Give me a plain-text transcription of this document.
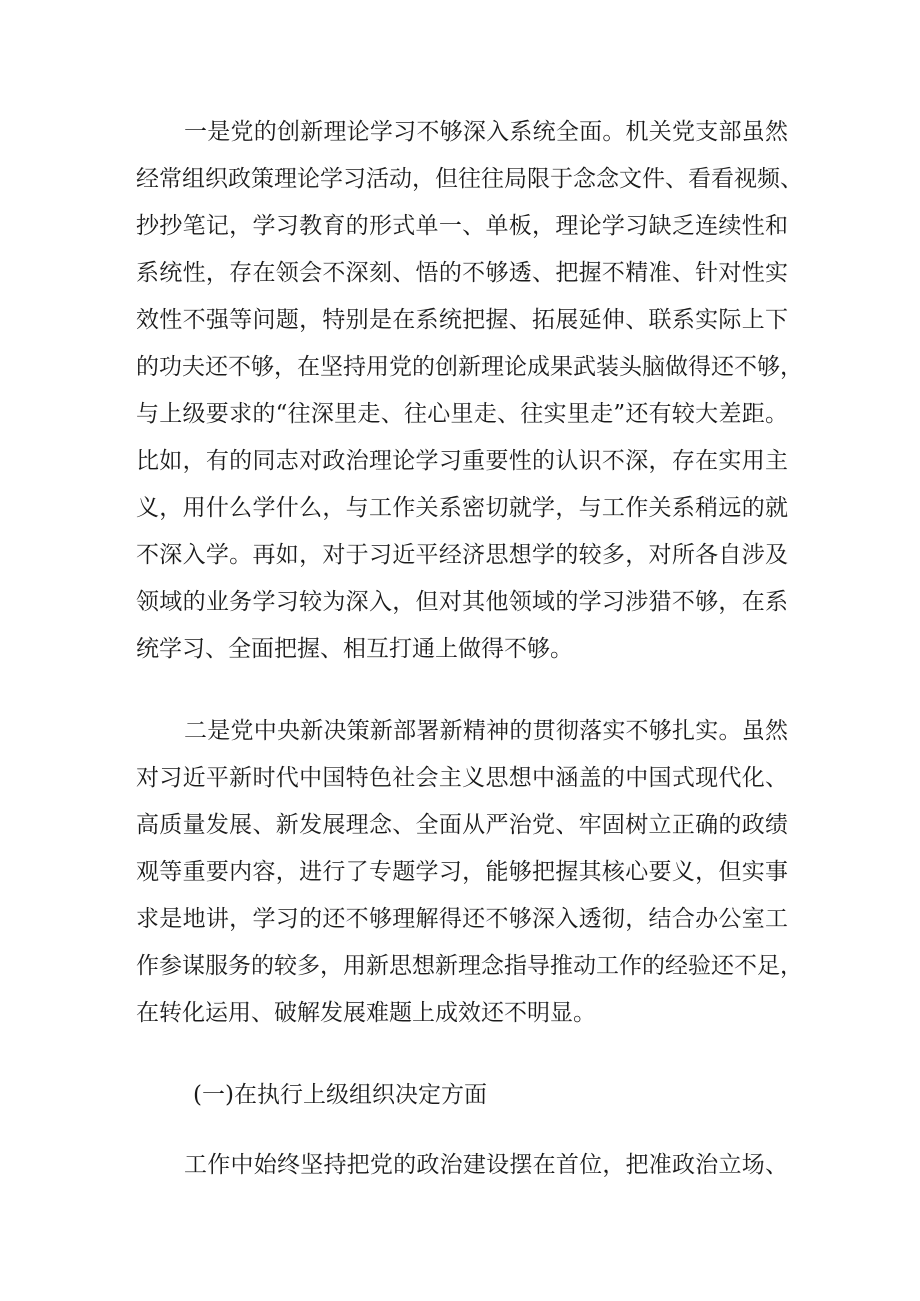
一是党的创新理论学习不够深入系统全面。机关党支部虽然
经常组织政策理论学习活动，但往往局限于念念文件、看看视频、
抄抄笔记，学习教育的形式单一、单板，理论学习缺乏连续性和
系统性，存在领会不深刻、悟的不够透、把握不精准、针对性实
效性不强等问题，特别是在系统把握、拓展延伸、联系实际上下
的功夫还不够，在坚持用党的创新理论成果武装头脑做得还不够，
与上级要求的“往深里走、往心里走、往实里走”还有较大差距。
比如，有的同志对政治理论学习重要性的认识不深，存在实用主
义，用什么学什么，与工作关系密切就学，与工作关系稍远的就
不深入学。再如，对于习近平经济思想学的较多，对所各自涉及
领域的业务学习较为深入，但对其他领域的学习涉猎不够，在系
统学习、全面把握、相互打通上做得不够。
二是党中央新决策新部署新精神的贯彻落实不够扎实。虽然
对习近平新时代中国特色社会主义思想中涵盖的中国式现代化、
高质量发展、新发展理念、全面从严治党、牢固树立正确的政绩
观等重要内容，进行了专题学习，能够把握其核心要义，但实事
求是地讲，学习的还不够理解得还不够深入透彻，结合办公室工
作参谋服务的较多，用新思想新理念指导推动工作的经验还不足，
在转化运用、破解发展难题上成效还不明显。
(一)在执行上级组织决定方面
工作中始终坚持把党的政治建设摆在首位，把准政治立场、
